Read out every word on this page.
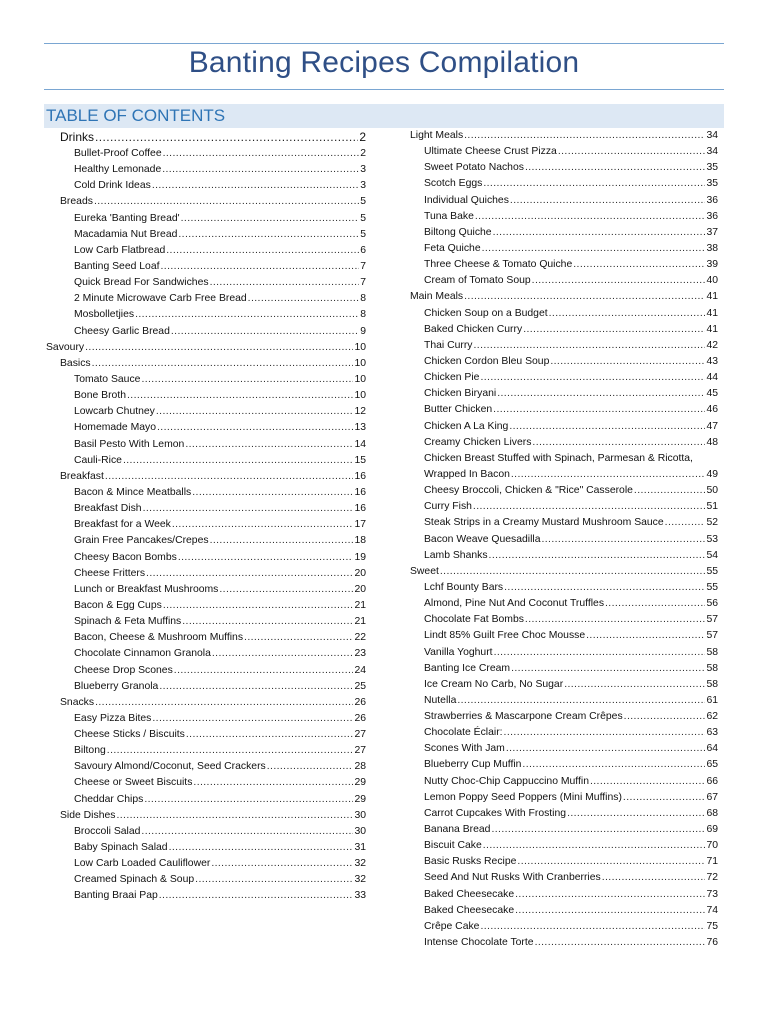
Banting Recipes Compilation
TABLE OF CONTENTS
Drinks .....	2
Bullet-Proof Coffee .....	2
Healthy Lemonade .....	3
Cold Drink Ideas .....	3
Breads .....	5
Eureka 'Banting Bread' .....	5
Macadamia Nut Bread .....	5
Low Carb Flatbread .....	6
Banting Seed Loaf .....	7
Quick Bread For Sandwiches .....	7
2 Minute Microwave Carb Free Bread .....	8
Mosbolletjies .....	8
Cheesy Garlic Bread .....	9
Savoury .....	10
Basics .....	10
Tomato Sauce .....	10
Bone Broth .....	10
Lowcarb Chutney .....	12
Homemade Mayo .....	13
Basil Pesto With Lemon .....	14
Cauli-Rice .....	15
Breakfast .....	16
Bacon & Mince Meatballs .....	16
Breakfast Dish .....	16
Breakfast for a Week .....	17
Grain Free Pancakes/Crepes .....	18
Cheesy Bacon Bombs .....	19
Cheese Fritters .....	20
Lunch or Breakfast Mushrooms .....	20
Bacon & Egg Cups .....	21
Spinach & Feta Muffins .....	21
Bacon, Cheese & Mushroom Muffins .....	22
Chocolate Cinnamon Granola .....	23
Cheese Drop Scones .....	24
Blueberry Granola .....	25
Snacks .....	26
Easy Pizza Bites .....	26
Cheese Sticks / Biscuits .....	27
Biltong .....	27
Savoury Almond/Coconut, Seed Crackers .....	28
Cheese or Sweet Biscuits .....	29
Cheddar Chips .....	29
Side Dishes .....	30
Broccoli Salad .....	30
Baby Spinach Salad .....	31
Low Carb Loaded Cauliflower .....	32
Creamed Spinach & Soup .....	32
Banting Braai Pap .....	33
Light Meals .....	34
Ultimate Cheese Crust Pizza .....	34
Sweet Potato Nachos .....	35
Scotch Eggs .....	35
Individual Quiches .....	36
Tuna Bake .....	36
Biltong Quiche .....	37
Feta Quiche .....	38
Three Cheese & Tomato Quiche .....	39
Cream of Tomato Soup .....	40
Main Meals .....	41
Chicken Soup on a Budget .....	41
Baked Chicken Curry .....	41
Thai Curry .....	42
Chicken Cordon Bleu Soup .....	43
Chicken Pie .....	44
Chicken Biryani .....	45
Butter Chicken .....	46
Chicken A La King .....	47
Creamy Chicken Livers .....	48
Chicken Breast Stuffed with Spinach, Parmesan & Ricotta,
Wrapped In Bacon .....	49
Cheesy Broccoli, Chicken & "Rice" Casserole .....	50
Curry Fish .....	51
Steak Strips in a Creamy Mustard Mushroom Sauce .....	52
Bacon Weave Quesadilla .....	53
Lamb Shanks .....	54
Sweet .....	55
Lchf Bounty Bars .....	55
Almond, Pine Nut And Coconut Truffles .....	56
Chocolate Fat Bombs .....	57
Lindt 85% Guilt Free Choc Mousse .....	57
Vanilla Yoghurt .....	58
Banting Ice Cream .....	58
Ice Cream No Carb, No Sugar .....	58
Nutella .....	61
Strawberries & Mascarpone Cream Crêpes .....	62
Chocolate Éclair: .....	63
Scones With Jam .....	64
Blueberry Cup Muffin .....	65
Nutty Choc-Chip Cappuccino Muffin .....	66
Lemon Poppy Seed Poppers (Mini Muffins) .....	67
Carrot Cupcakes With Frosting .....	68
Banana Bread .....	69
Biscuit Cake .....	70
Basic Rusks Recipe .....	71
Seed And Nut Rusks With Cranberries .....	72
Baked Cheesecake .....	73
Baked Cheesecake .....	74
Crêpe Cake .....	75
Intense Chocolate Torte .....	76
